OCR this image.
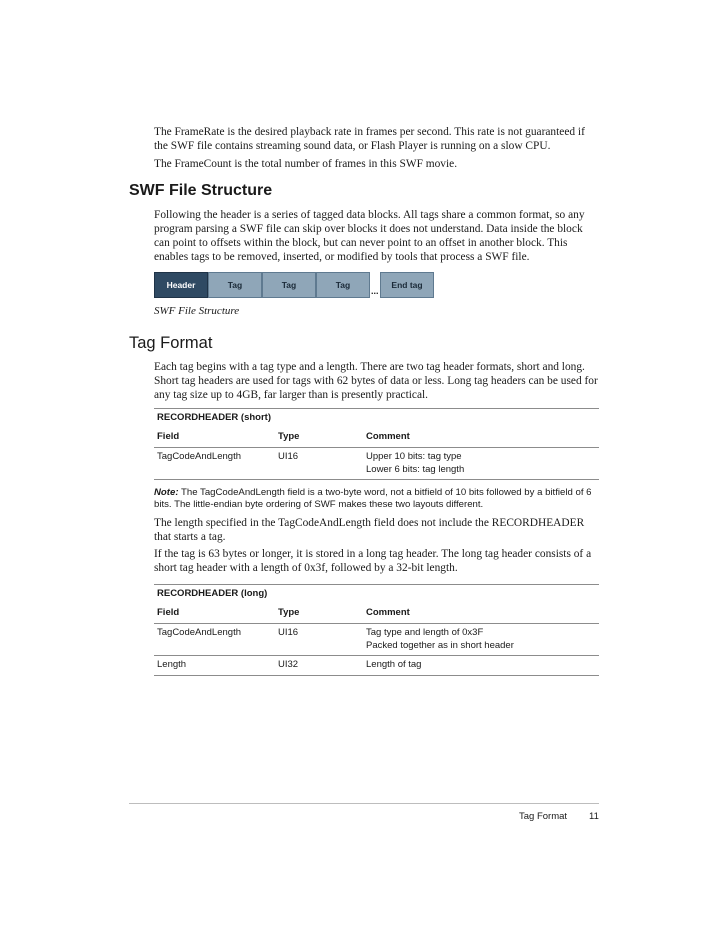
The FrameRate is the desired playback rate in frames per second. This rate is not guaranteed if the SWF file contains streaming sound data, or Flash Player is running on a slow CPU.

The FrameCount is the total number of frames in this SWF movie.

SWF File Structure

Following the header is a series of tagged data blocks. All tags share a common format, so any program parsing a SWF file can skip over blocks it does not understand. Data inside the block can point to offsets within the block, but can never point to an offset in another block. This enables tags to be removed, inserted, or modified by tools that process a SWF file.

Header	Tag	Tag	Tag
...
End tag
SWF File Structure
Tag Format

Each tag begins with a tag type and a length. There are two tag header formats, short and long. Short tag headers are used for tags with 62 bytes of data or less. Long tag headers can be used for any tag size up to 4GB, far larger than is presently practical.

RECORDHEADER (short)
Field	Type	Comment
TagCodeAndLength	UI16	Upper 10 bits: tag type
Lower 6 bits: tag length
Note: The TagCodeAndLength field is a two-byte word, not a bitfield of 10 bits followed by a bitfield of 6 bits. The little-endian byte ordering of SWF makes these two layouts different.

The length specified in the TagCodeAndLength field does not include the RECORDHEADER that starts a tag.

If the tag is 63 bytes or longer, it is stored in a long tag header. The long tag header consists of a short tag header with a length of 0x3f, followed by a 32-bit length.

RECORDHEADER (long)
Field	Type	Comment
TagCodeAndLength	UI16	Tag type and length of 0x3F
Packed together as in short header
Length	UI32	Length of tag
Tag Format 11
